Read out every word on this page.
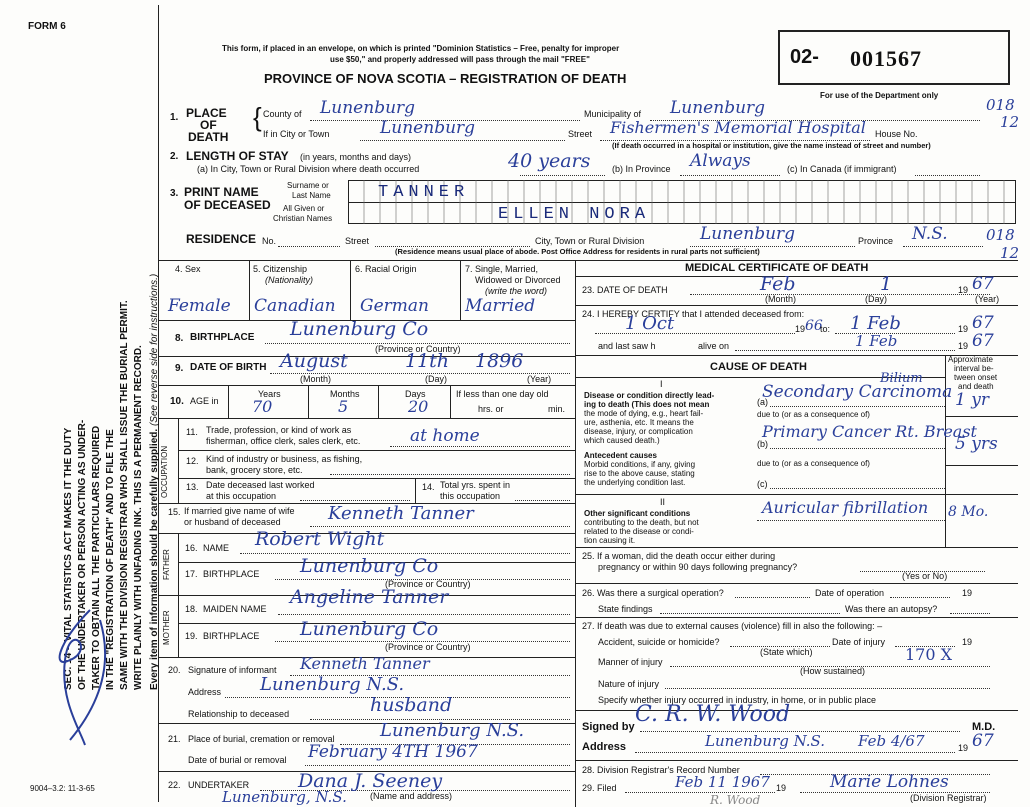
FORM 6
SEC. 14 – VITAL STATISTICS ACT MAKES IT THE DUTY OF THE UNDERTAKER OR PERSON ACTING AS UNDER- TAKER TO OBTAIN ALL THE PARTICULARS REQUIRED IN THE "REGISTRATION OF DEATH" AND TO FILE THE SAME WITH THE DIVISION REGISTRAR WHO SHALL ISSUE THE BURIAL PERMIT. WRITE PLAINLY WITH UNFADING INK. THIS IS A PERMANENT RECORD. Every item of information should be carefully supplied. (See reverse side for instructions.)
9004–3.2: 11-3-65
This form, if placed in an envelope, on which is printed "Dominion Statistics – Free, penalty for improper
use $50," and properly addressed will pass through the mail "FREE"
PROVINCE OF NOVA SCOTIA – REGISTRATION OF DEATH
02- 001567
For use of the Department only
018
12
018
12
1. PLACE
OF
DEATH
{ County of Lunenburg	Municipality of Lunenburg
If in City or Town	Lunenburg	Street Fishermen's Memorial Hospital House No.
(If death occurred in a hospital or institution, give the name instead of street and number)
2. LENGTH OF STAY (in years, months and days)
(a) In City, Town or Rural Division where death occurred	40 years (b) In Province Always	(c) In Canada (if immigrant)
3. PRINT NAME
OF DECEASED
Surname or
Last Name
All Given or
Christian Names
TANNER
ELLEN NORA
RESIDENCE No.	Street	City, Town or Rural Division	Lunenburg	Province N.S.
(Residence means usual place of abode. Post Office Address for residents in rural parts not sufficient)
4. Sex	5. Citizenship
(Nationality)
6. Racial Origin	7. Single, Married,
Widowed or Divorced
(write the word)
Female Canadian German Married
8. BIRTHPLACE Lunenburg Co
(Province or Country)
9. DATE OF BIRTH August	11th 1896
(Month)	(Day)	(Year)
10. AGE in
Years	Months	Days
70	5	20
If less than one day old
hrs. or	min.
OCCUPATION
11. Trade, profession, or kind of work as
fisherman, office clerk, sales clerk, etc.	at home
12. Kind of industry or business, as fishing,
bank, grocery store, etc.
13. Date deceased last worked
at this occupation
14. Total yrs. spent in
this occupation
15. If married give name of wife
or husband of deceased	Kenneth Tanner
FATHER
16. NAME Robert Wight
17. BIRTHPLACE Lunenburg Co
(Province or Country)
MOTHER
18. MAIDEN NAME
Angeline Tanner
19. BIRTHPLACE Lunenburg Co
(Province or Country)
20. Signature of informant Kenneth Tanner
Address Lunenburg N.S.
Relationship to deceased	husband
21. Place of burial, cremation or removal	Lunenburg N.S.
Date of burial or removal February 4TH 1967
22. UNDERTAKER	Dana J. Seeney
Lunenburg, N.S.	(Name and address)
MEDICAL CERTIFICATE OF DEATH
23. DATE OF DEATH	Feb	1	19 67
(Month)	(Day)	(Year)
24. I HEREBY CERTIFY that I attended deceased from:
1 Oct	19 66
to: 1 Feb	19 67
and last saw h	alive on	1 Feb	19 67
CAUSE OF DEATH
Approximate
interval be-
tween onset
and death
I
Disease or condition directly lead-
ing to death (This does not mean
the mode of dying, e.g., heart fail-
ure, asthenia, etc. It means the
disease, injury, or complication
which caused death.)
(a)
Bilium
Secondary Carcinoma 1 yr
due to (or as a consequence of)
Antecedent causes
Morbid conditions, if any, giving
rise to the above cause, stating
the underlying condition last.
(b)
Primary Cancer Rt. Breast
5 yrs
due to (or as a consequence of)
(c)
II
Other significant conditions
contributing to the death, but not
related to the disease or condi-
tion causing it.
Auricular fibrillation 8 Mo.
25. If a woman, did the death occur either during
pregnancy or within 90 days following pregnancy?
(Yes or No)
26. Was there a surgical operation?	Date of operation	19
State findings	Was there an autopsy?
27. If death was due to external causes (violence) fill in also the following: –
Accident, suicide or homicide?
(State which)
Date of injury	19
Manner of injury	170 X
(How sustained)
Nature of injury
Specify whether injury occurred in industry, in home, or in public place
Signed by C. R. W. Wood	M.D.
Address	Lunenburg N.S. Feb 4/67	19 67
28. Division Registrar's Record Number
29. Filed	Feb 11 1967 19	Marie Lohnes
(Division Registrar)
R. Wood
